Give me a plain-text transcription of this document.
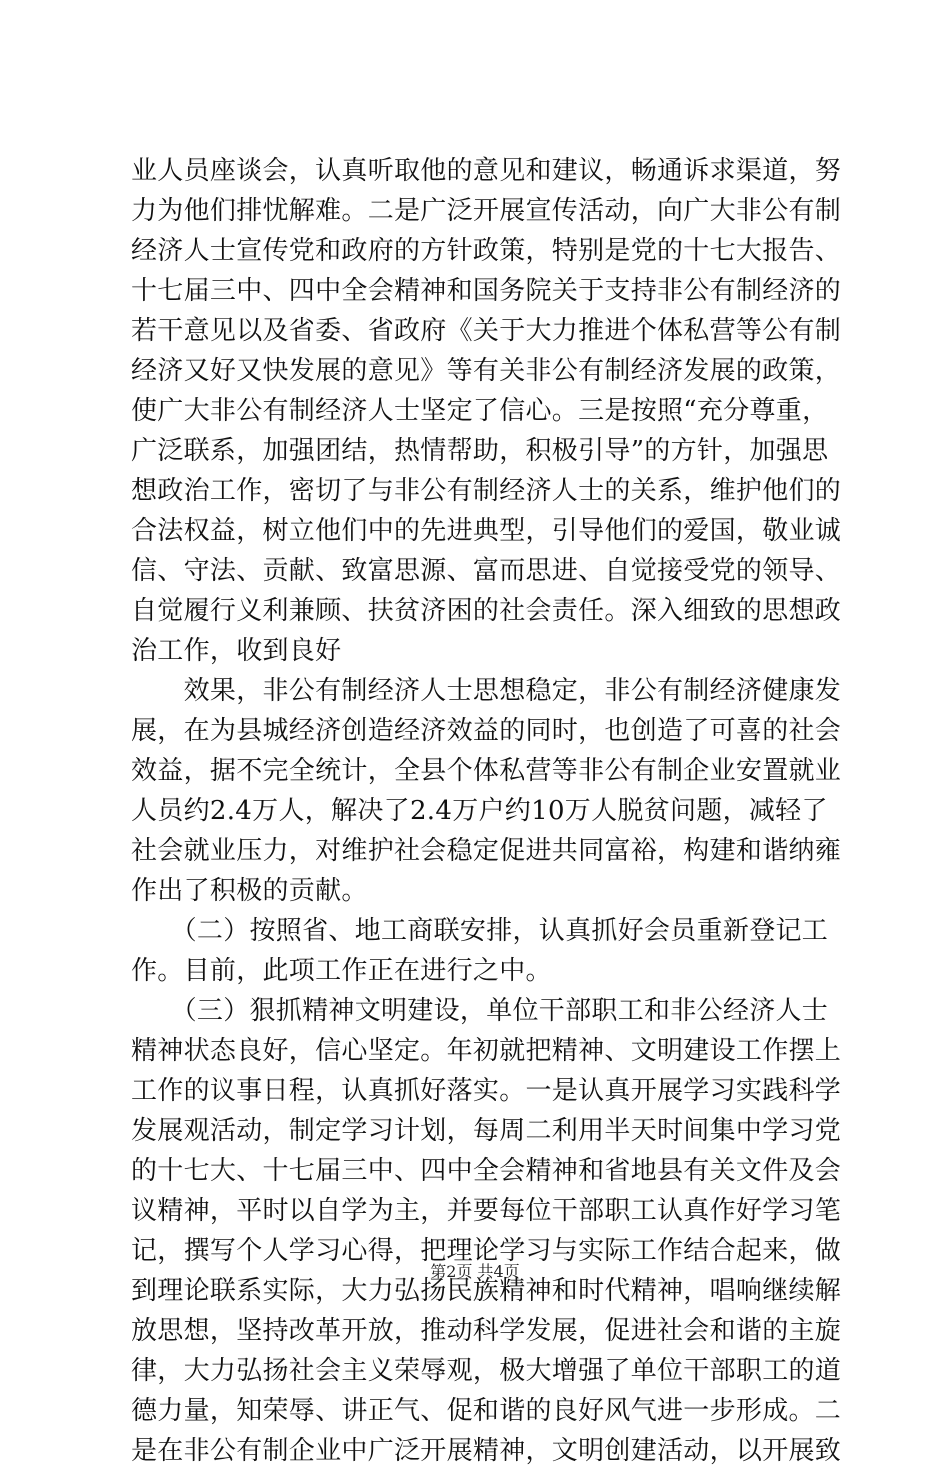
业人员座谈会，认真听取他的意见和建议，畅通诉求渠道，努
力为他们排忧解难。二是广泛开展宣传活动，向广大非公有制
经济人士宣传党和政府的方针政策，特别是党的十七大报告、
十七届三中、四中全会精神和国务院关于支持非公有制经济的
若干意见以及省委、省政府《关于大力推进个体私营等公有制
经济又好又快发展的意见》等有关非公有制经济发展的政策，
使广大非公有制经济人士坚定了信心。三是按照“充分尊重，
广泛联系，加强团结，热情帮助，积极引导”的方针，加强思
想政治工作，密切了与非公有制经济人士的关系，维护他们的
合法权益，树立他们中的先进典型，引导他们的爱国，敬业诚
信、守法、贡献、致富思源、富而思进、自觉接受党的领导、
自觉履行义利兼顾、扶贫济困的社会责任。深入细致的思想政
治工作，收到良好
　　效果，非公有制经济人士思想稳定，非公有制经济健康发
展，在为县城经济创造经济效益的同时，也创造了可喜的社会
效益，据不完全统计，全县个体私营等非公有制企业安置就业
人员约2.4万人，解决了2.4万户约10万人脱贫问题，减轻了
社会就业压力，对维护社会稳定促进共同富裕，构建和谐纳雍
作出了积极的贡献。
　　（二）按照省、地工商联安排，认真抓好会员重新登记工
作。目前，此项工作正在进行之中。
　　（三）狠抓精神文明建设，单位干部职工和非公经济人士
精神状态良好，信心坚定。年初就把精神、文明建设工作摆上
工作的议事日程，认真抓好落实。一是认真开展学习实践科学
发展观活动，制定学习计划，每周二利用半天时间集中学习党
的十七大、十七届三中、四中全会精神和省地县有关文件及会
议精神，平时以自学为主，并要每位干部职工认真作好学习笔
记，撰写个人学习心得，把理论学习与实际工作结合起来，做
到理论联系实际，大力弘扬民族精神和时代精神，唱响继续解
放思想，坚持改革开放，推动科学发展，促进社会和谐的主旋
律，大力弘扬社会主义荣辱观，极大增强了单位干部职工的道
德力量，知荣辱、讲正气、促和谐的良好风气进一步形成。二
是在非公有制企业中广泛开展精神，文明创建活动，以开展致
第2页 共4页
